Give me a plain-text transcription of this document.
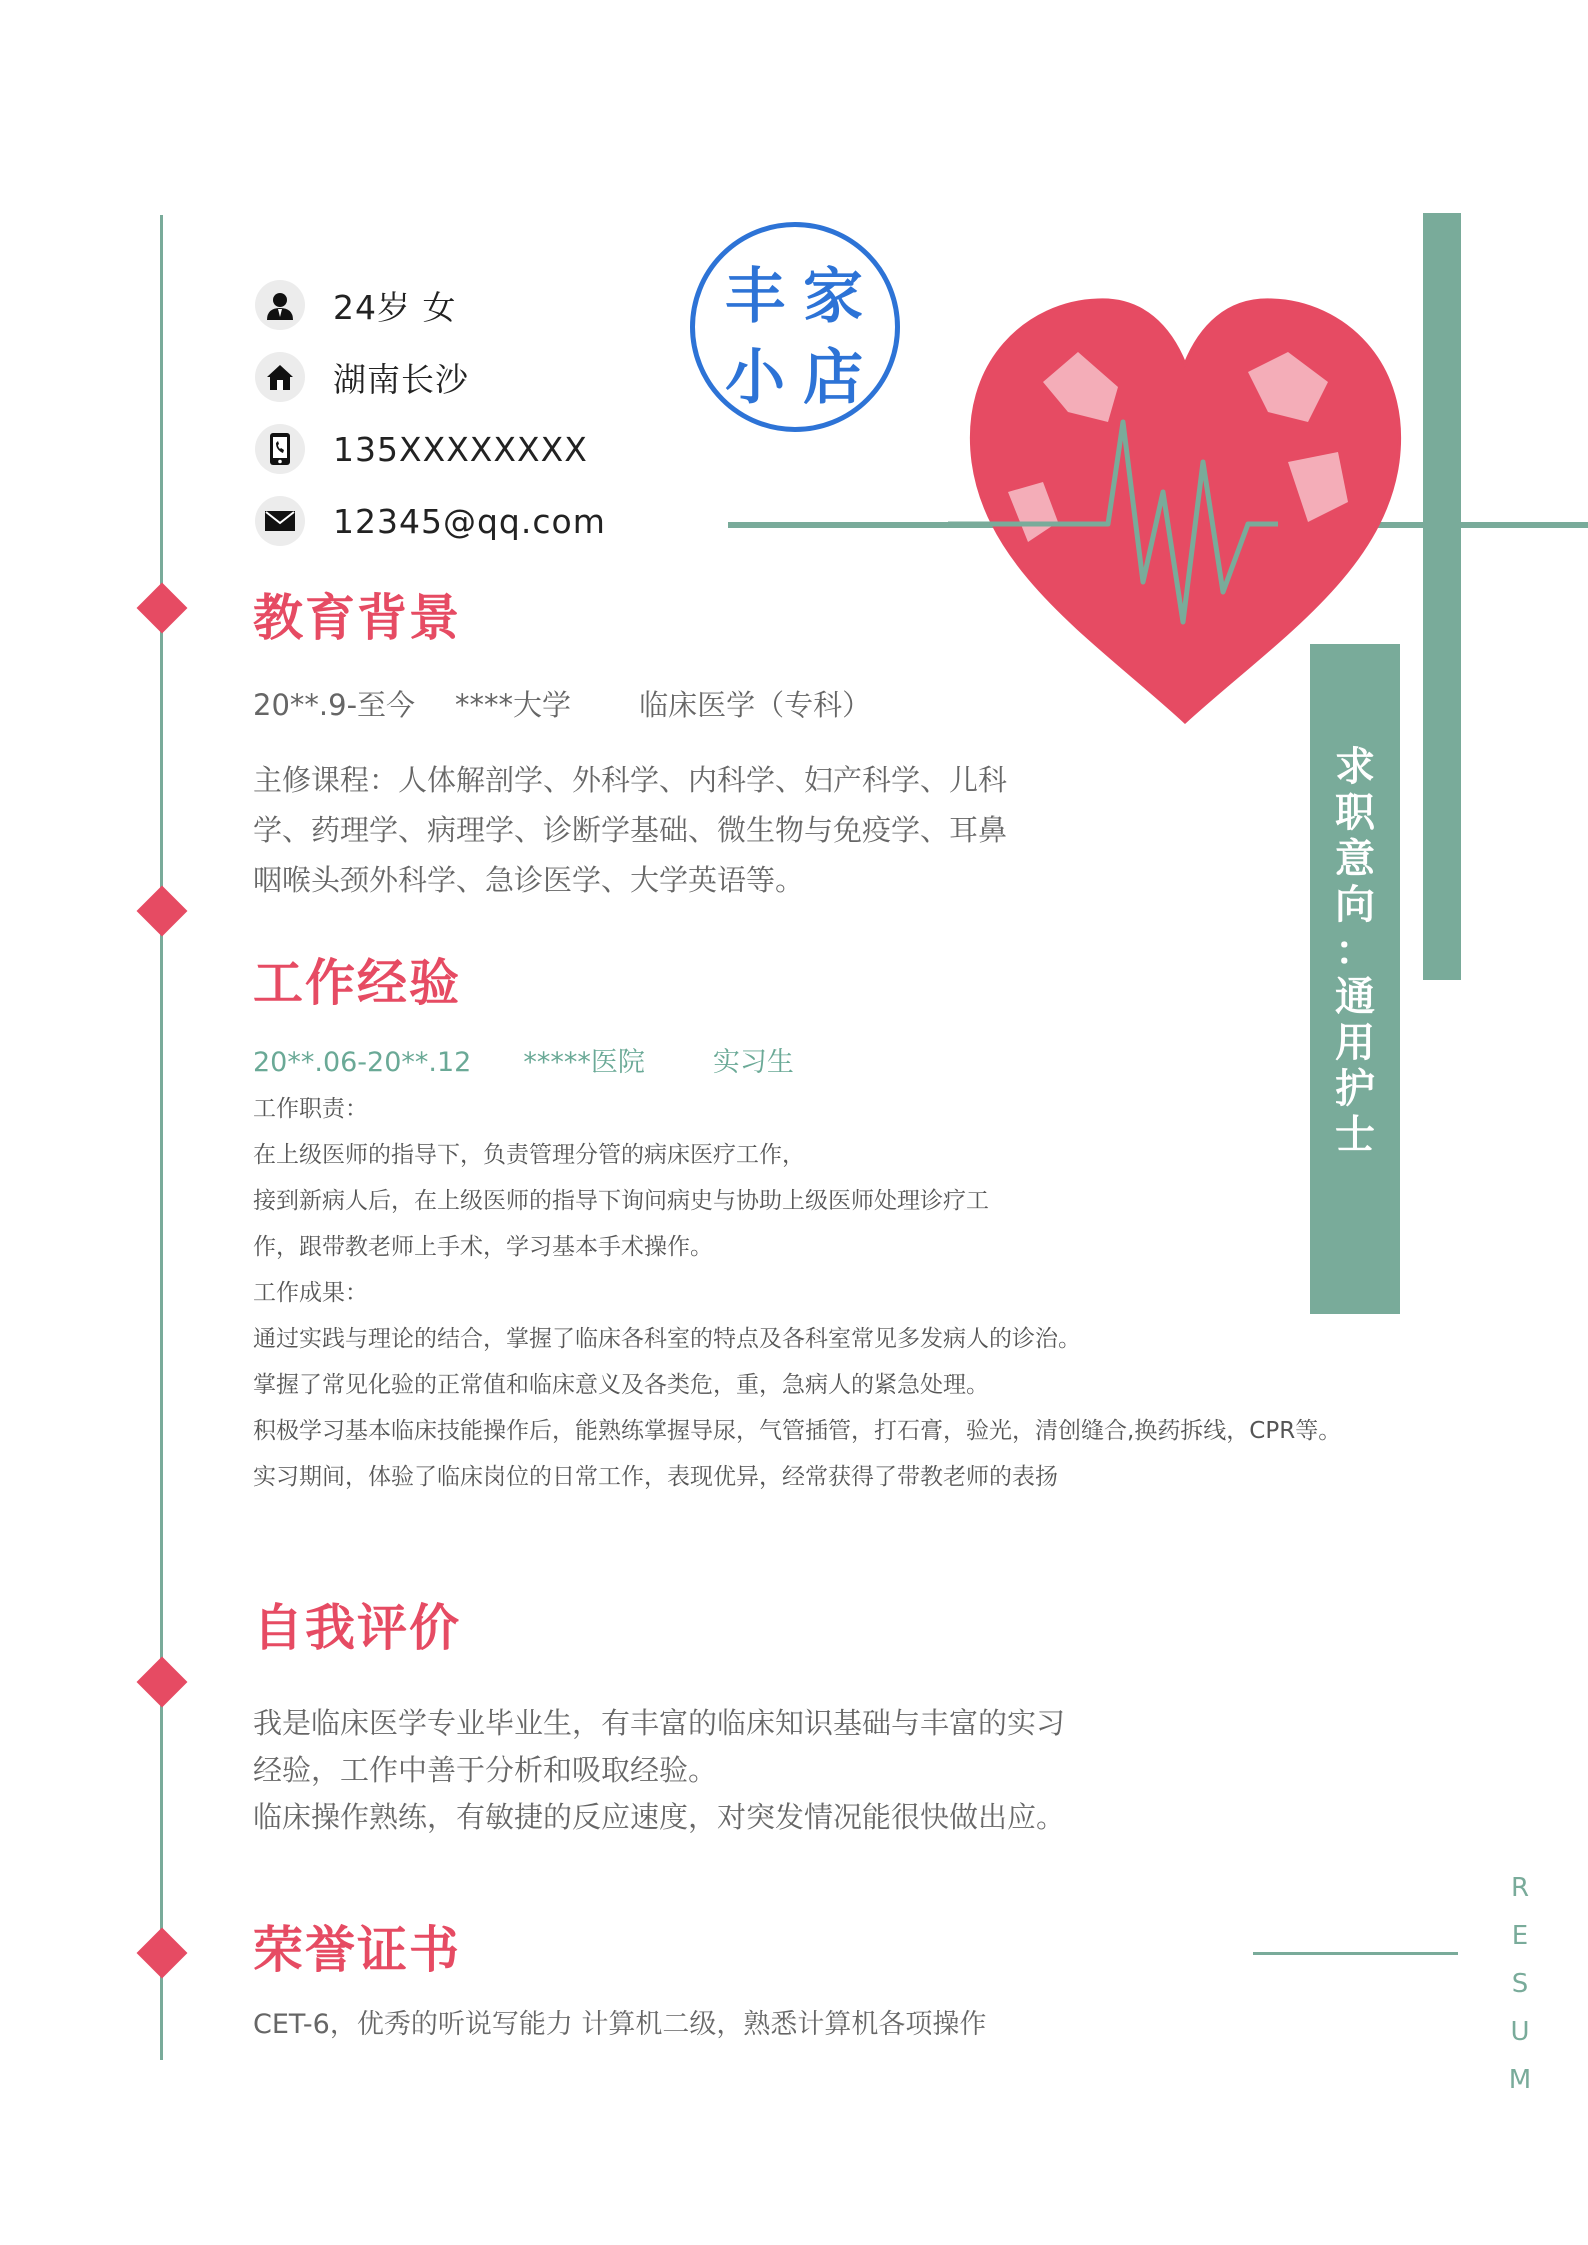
24岁 女
湖南长沙
135XXXXXXXX
12345@qq.com
丰 家
小 店
求
职
意
向
：
通
用
护
士
R
E
S
U
M
教育背景
20**.9-至今 ****大学 临床医学（专科）
主修课程：人体解剖学、外科学、内科学、妇产科学、儿科
学、药理学、病理学、诊断学基础、微生物与免疫学、耳鼻
咽喉头颈外科学、急诊医学、大学英语等。
工作经验
20**.06-20**.12 *****医院	实习生
工作职责：
在上级医师的指导下，负责管理分管的病床医疗工作，
接到新病人后，在上级医师的指导下询问病史与协助上级医师处理诊疗工
作，跟带教老师上手术，学习基本手术操作。
工作成果：
通过实践与理论的结合，掌握了临床各科室的特点及各科室常见多发病人的诊治。
掌握了常见化验的正常值和临床意义及各类危，重，急病人的紧急处理。
积极学习基本临床技能操作后，能熟练掌握导尿，气管插管，打石膏，验光，清创缝合,换药拆线，CPR等。
实习期间，体验了临床岗位的日常工作，表现优异，经常获得了带教老师的表扬
自我评价
我是临床医学专业毕业生，有丰富的临床知识基础与丰富的实习
经验，工作中善于分析和吸取经验。
临床操作熟练，有敏捷的反应速度，对突发情况能很快做出应。
荣誉证书
CET-6，优秀的听说写能力 计算机二级，熟悉计算机各项操作
